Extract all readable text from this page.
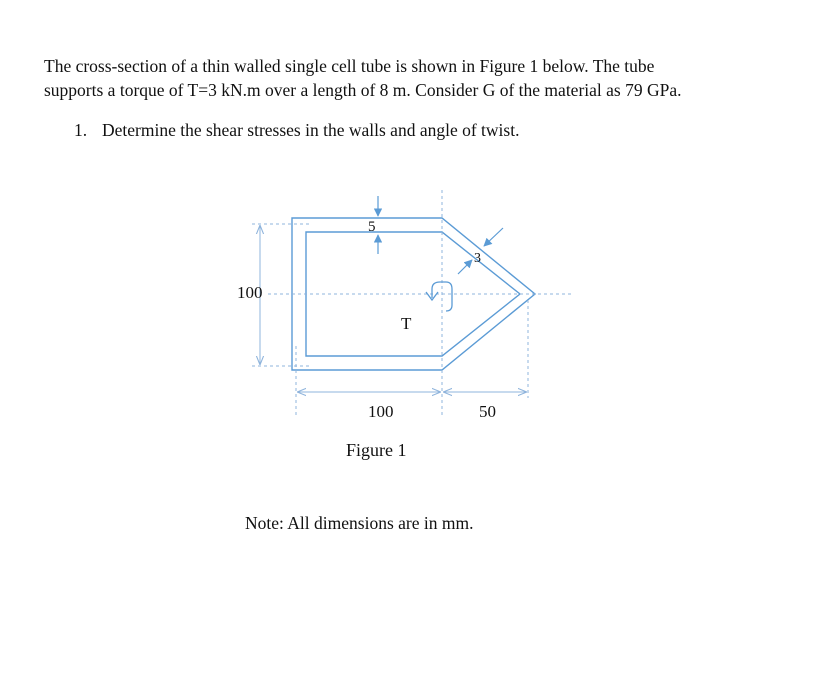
The cross-section of a thin walled single cell tube is shown in Figure 1 below. The tube
supports a torque of T=3 kN.m over a length of 8 m. Consider G of the material as 79 GPa.

1. Determine the shear stresses in the walls and angle of twist.
100
5
3
T
100	50
Figure 1
Note: All dimensions are in mm.
